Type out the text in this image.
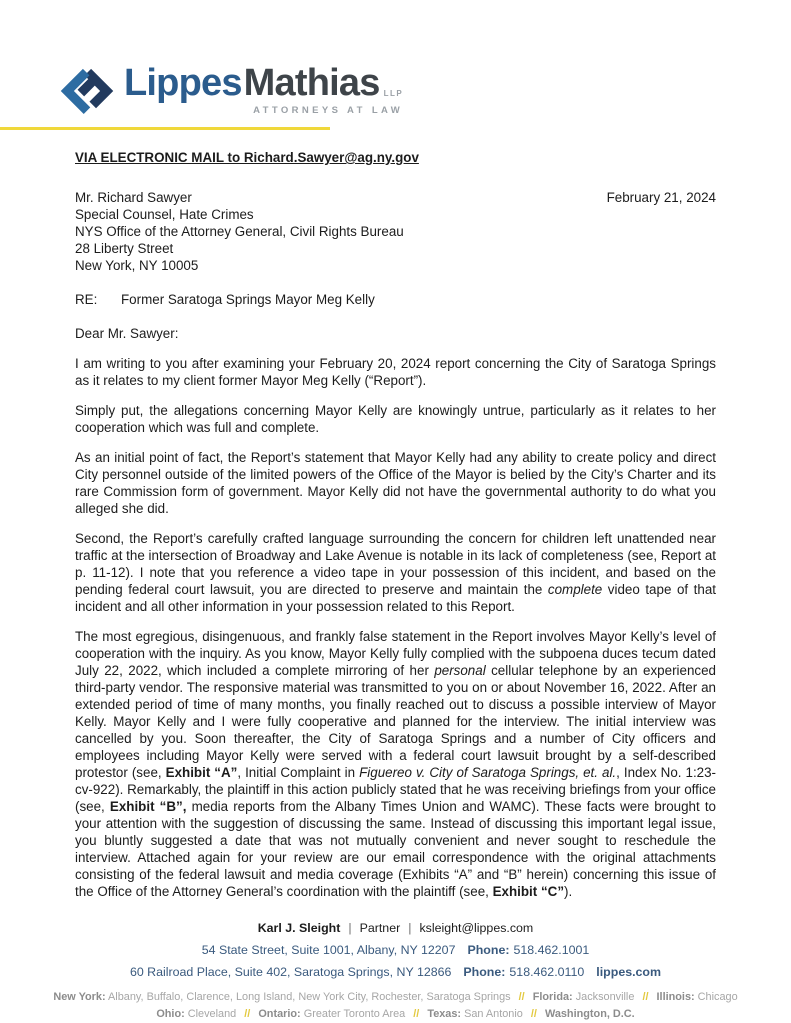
Lippes Mathias LLP
ATTORNEYS AT LAW
VIA ELECTRONIC MAIL to Richard.Sawyer@ag.ny.gov
February 21, 2024
Mr. Richard Sawyer
Special Counsel, Hate Crimes
NYS Office of the Attorney General, Civil Rights Bureau
28 Liberty Street
New York, NY 10005
RE:	Former Saratoga Springs Mayor Meg Kelly
Dear Mr. Sawyer:

I am writing to you after examining your February 20, 2024 report concerning the City of Saratoga Springs as it relates to my client former Mayor Meg Kelly (“Report”).

Simply put, the allegations concerning Mayor Kelly are knowingly untrue, particularly as it relates to her cooperation which was full and complete.

As an initial point of fact, the Report’s statement that Mayor Kelly had any ability to create policy and direct City personnel outside of the limited powers of the Office of the Mayor is belied by the City’s Charter and its rare Commission form of government. Mayor Kelly did not have the governmental authority to do what you alleged she did.

Second, the Report’s carefully crafted language surrounding the concern for children left unattended near traffic at the intersection of Broadway and Lake Avenue is notable in its lack of completeness (see, Report at p. 11-12). I note that you reference a video tape in your possession of this incident, and based on the pending federal court lawsuit, you are directed to preserve and maintain the complete video tape of that incident and all other information in your possession related to this Report.

The most egregious, disingenuous, and frankly false statement in the Report involves Mayor Kelly’s level of cooperation with the inquiry. As you know, Mayor Kelly fully complied with the subpoena duces tecum dated July 22, 2022, which included a complete mirroring of her personal cellular telephone by an experienced third-party vendor. The responsive material was transmitted to you on or about November 16, 2022. After an extended period of time of many months, you finally reached out to discuss a possible interview of Mayor Kelly. Mayor Kelly and I were fully cooperative and planned for the interview. The initial interview was cancelled by you. Soon thereafter, the City of Saratoga Springs and a number of City officers and employees including Mayor Kelly were served with a federal court lawsuit brought by a self-described protestor (see, Exhibit “A”, Initial Complaint in Figuereo v. City of Saratoga Springs, et. al., Index No. 1:23-cv-922). Remarkably, the plaintiff in this action publicly stated that he was receiving briefings from your office (see, Exhibit “B”, media reports from the Albany Times Union and WAMC). These facts were brought to your attention with the suggestion of discussing the same. Instead of discussing this important legal issue, you bluntly suggested a date that was not mutually convenient and never sought to reschedule the interview. Attached again for your review are our email correspondence with the original attachments consisting of the federal lawsuit and media coverage (Exhibits “A” and “B” herein) concerning this issue of the Office of the Attorney General’s coordination with the plaintiff (see, Exhibit “C”).

Karl J. Sleight | Partner | ksleight@lippes.com
54 State Street, Suite 1001, Albany, NY 12207 Phone: 518.462.1001
60 Railroad Place, Suite 402, Saratoga Springs, NY 12866 Phone: 518.462.0110 lippes.com
New York: Albany, Buffalo, Clarence, Long Island, New York City, Rochester, Saratoga Springs // Florida: Jacksonville // Illinois: Chicago
Ohio: Cleveland // Ontario: Greater Toronto Area // Texas: San Antonio // Washington, D.C.
